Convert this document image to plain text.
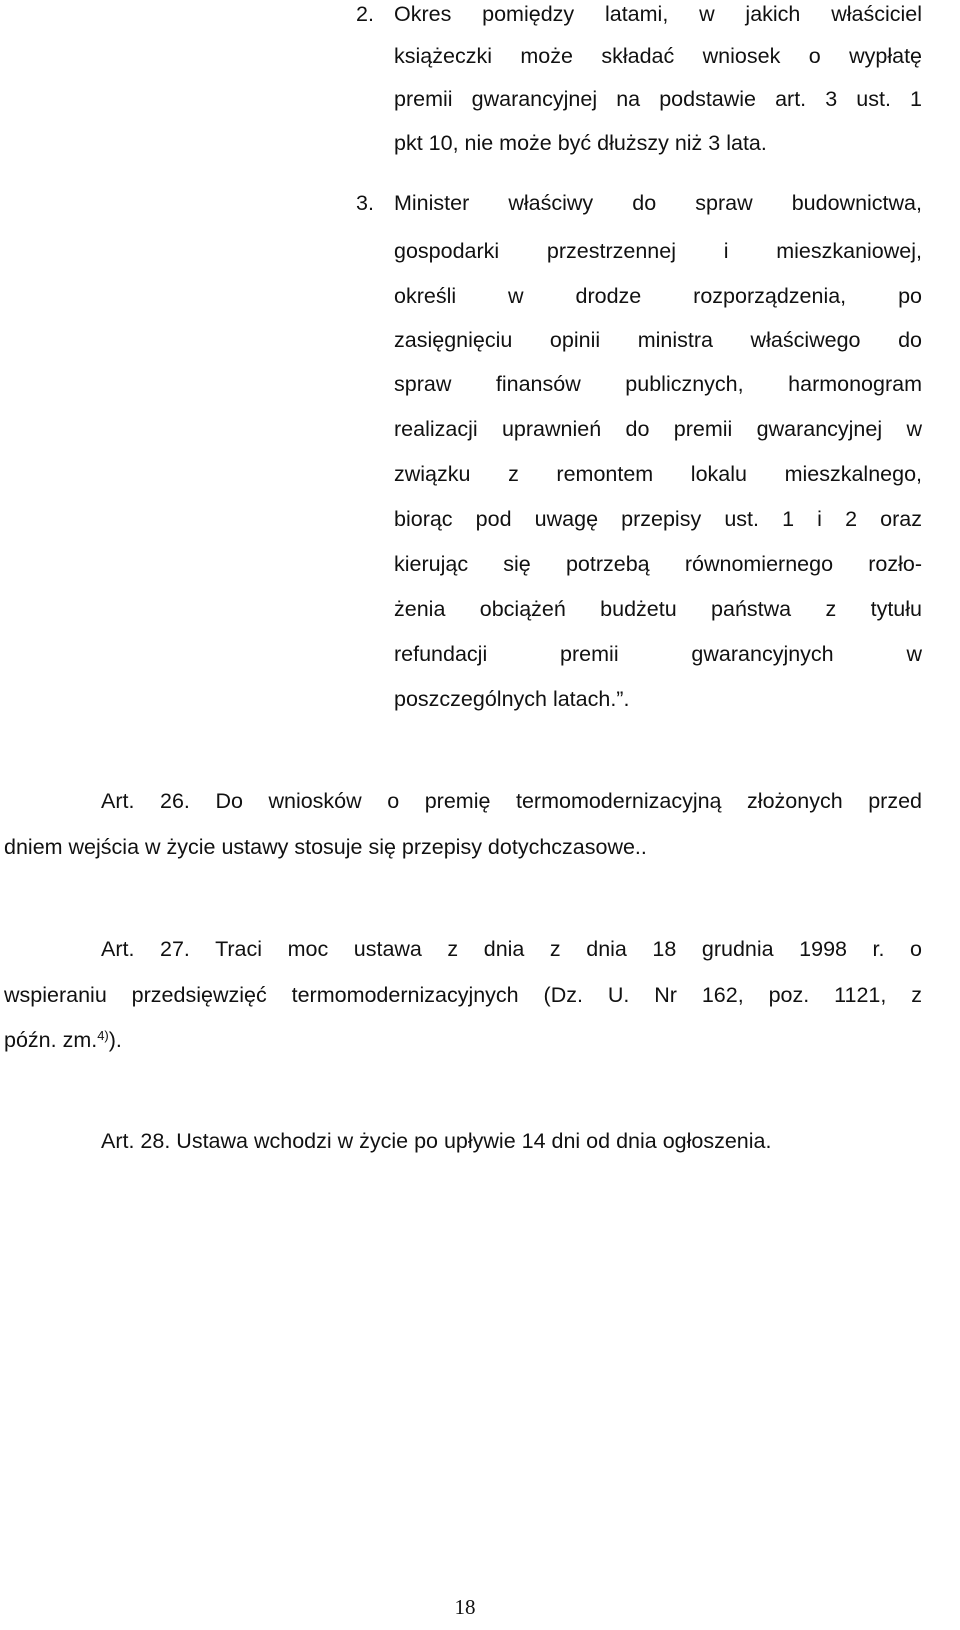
2. Okres pomiędzy latami, w jakich właściciel
książeczki może składać wniosek o wypłatę
premii gwarancyjnej na podstawie art. 3 ust. 1
pkt 10, nie może być dłuższy niż 3 lata.
3. Minister właściwy do spraw budownictwa,
gospodarki przestrzennej i mieszkaniowej,
określi w drodze rozporządzenia, po
zasięgnięciu opinii ministra właściwego do
spraw finansów publicznych, harmonogram
realizacji uprawnień do premii gwarancyjnej w
związku z remontem lokalu mieszkalnego,
biorąc pod uwagę przepisy ust. 1 i 2 oraz
kierując się potrzebą równomiernego rozło-
żenia obciążeń budżetu państwa z tytułu
refundacji premii gwarancyjnych w
poszczególnych latach.”.
Art. 26. Do wniosków o premię termomodernizacyjną złożonych przed
dniem wejścia w życie ustawy stosuje się przepisy dotychczasowe..
Art. 27. Traci moc ustawa z dnia z dnia 18 grudnia 1998 r. o
wspieraniu przedsięwzięć termomodernizacyjnych (Dz. U. Nr 162, poz. 1121, z
późn. zm.$^{4)}$).
Art. 28. Ustawa wchodzi w życie po upływie 14 dni od dnia ogłoszenia.
18
